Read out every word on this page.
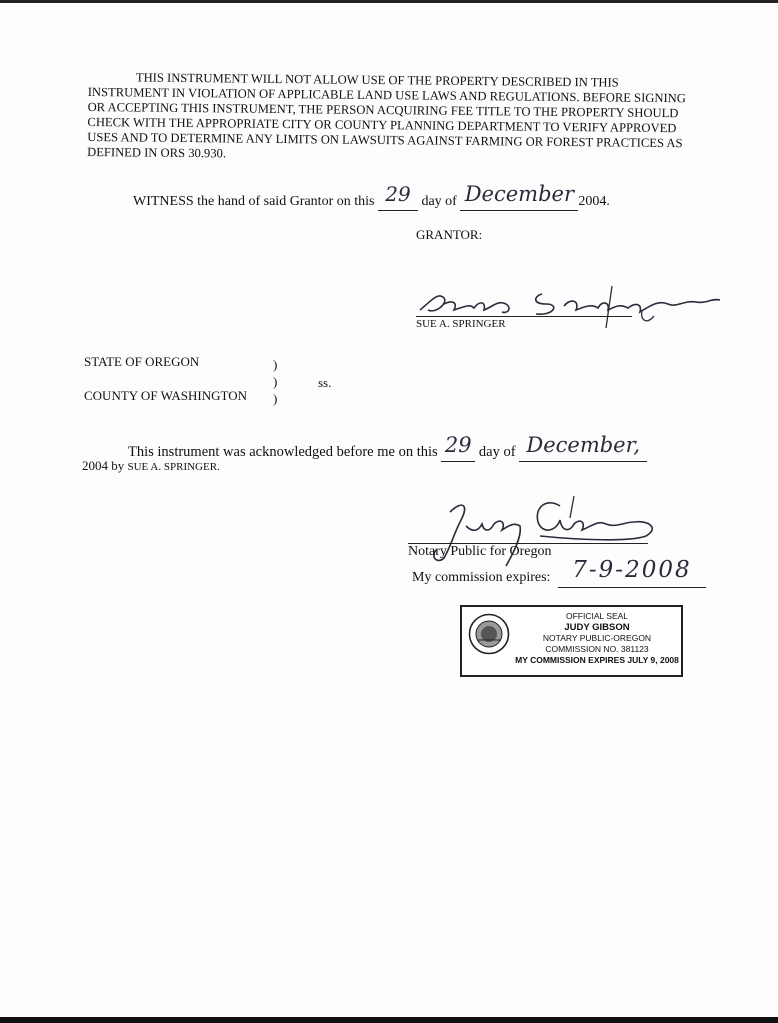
THIS INSTRUMENT WILL NOT ALLOW USE OF THE PROPERTY DESCRIBED IN THIS INSTRUMENT IN VIOLATION OF APPLICABLE LAND USE LAWS AND REGULATIONS. BEFORE SIGNING OR ACCEPTING THIS INSTRUMENT, THE PERSON ACQUIRING FEE TITLE TO THE PROPERTY SHOULD CHECK WITH THE APPROPRIATE CITY OR COUNTY PLANNING DEPARTMENT TO VERIFY APPROVED USES AND TO DETERMINE ANY LIMITS ON LAWSUITS AGAINST FARMING OR FOREST PRACTICES AS DEFINED IN ORS 30.930.
WITNESS the hand of said Grantor on this 29 day of December 2004.
GRANTOR:
SUE A. SPRINGER
STATE OF OREGON
COUNTY OF WASHINGTON
)
)
)
ss.
This instrument was acknowledged before me on this 29 day of December,
2004 by SUE A. SPRINGER.
Notary Public for Oregon
My commission expires: 7-9-2008
OFFICIAL SEAL
JUDY GIBSON
NOTARY PUBLIC-OREGON
COMMISSION NO. 381123
MY COMMISSION EXPIRES JULY 9, 2008
